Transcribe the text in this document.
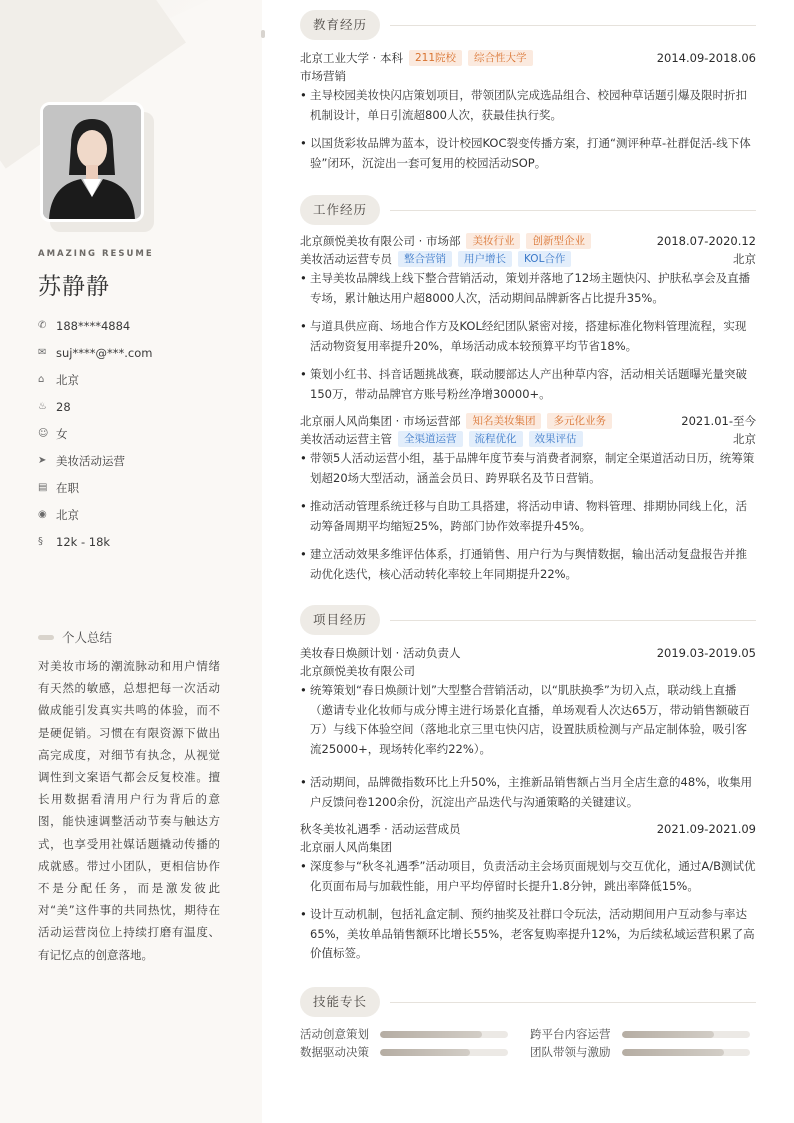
AMAZING RESUME
苏静静
✆ 188****4884
✉ suj****@***.com
⌂	北京
♨ 28
☺ 女
➤ 美妆活动运营
▤ 在职
◉ 北京
§	12k - 18k
个人总结
对美妆市场的潮流脉动和用户情绪有天然的敏感，总想把每一次活动做成能引发真实共鸣的体验，而不是硬促销。习惯在有限资源下做出高完成度，对细节有执念，从视觉调性到文案语气都会反复校准。擅长用数据看清用户行为背后的意图，能快速调整活动节奏与触达方式，也享受用社媒话题撬动传播的成就感。带过小团队，更相信协作不是分配任务，而是激发彼此对“美”这件事的共同热忱，期待在活动运营岗位上持续打磨有温度、有记忆点的创意落地。
教育经历
北京工业大学 · 本科	211院校	综合性大学	2014.09-2018.06
市场营销
• 主导校园美妆快闪店策划项目，带领团队完成选品组合、校园种草话题引爆及限时折扣机制设计，单日引流超800人次，获最佳执行奖。
• 以国货彩妆品牌为蓝本，设计校园KOC裂变传播方案，打通“测评种草-社群促活-线下体验”闭环，沉淀出一套可复用的校园活动SOP。
工作经历
北京颜悦美妆有限公司 · 市场部	美妆行业	创新型企业	2018.07-2020.12
美妆活动运营专员	整合营销	用户增长	KOL合作	北京
• 主导美妆品牌线上线下整合营销活动，策划并落地了12场主题快闪、护肤私享会及直播专场，累计触达用户超8000人次，活动期间品牌新客占比提升35%。
• 与道具供应商、场地合作方及KOL经纪团队紧密对接，搭建标准化物料管理流程，实现活动物资复用率提升20%，单场活动成本较预算平均节省18%。
• 策划小红书、抖音话题挑战赛，联动腰部达人产出种草内容，活动相关话题曝光量突破150万，带动品牌官方账号粉丝净增30000+。
北京丽人风尚集团 · 市场运营部	知名美妆集团	多元化业务	2021.01-至今
美妆活动运营主管	全渠道运营	流程优化	效果评估	北京
• 带领5人活动运营小组，基于品牌年度节奏与消费者洞察，制定全渠道活动日历，统筹策划超20场大型活动，涵盖会员日、跨界联名及节日营销。
• 推动活动管理系统迁移与自助工具搭建，将活动申请、物料管理、排期协同线上化，活动筹备周期平均缩短25%，跨部门协作效率提升45%。
• 建立活动效果多维评估体系，打通销售、用户行为与舆情数据，输出活动复盘报告并推动优化迭代，核心活动转化率较上年同期提升22%。
项目经历
美妆春日焕颜计划 · 活动负责人	2019.03-2019.05
北京颜悦美妆有限公司
• 统筹策划“春日焕颜计划”大型整合营销活动，以“肌肤换季”为切入点，联动线上直播（邀请专业化妆师与成分博主进行场景化直播，单场观看人次达65万，带动销售额破百万）与线下体验空间（落地北京三里屯快闪店，设置肤质检测与产品定制体验，吸引客流25000+，现场转化率约22%）。
• 活动期间，品牌微指数环比上升50%，主推新品销售额占当月全店生意的48%，收集用户反馈问卷1200余份，沉淀出产品迭代与沟通策略的关键建议。
秋冬美妆礼遇季 · 活动运营成员	2021.09-2021.09
北京丽人风尚集团
• 深度参与“秋冬礼遇季”活动项目，负责活动主会场页面规划与交互优化，通过A/B测试优化页面布局与加载性能，用户平均停留时长提升1.8分钟，跳出率降低15%。
• 设计互动机制，包括礼盒定制、预约抽奖及社群口令玩法，活动期间用户互动参与率达65%，美妆单品销售额环比增长55%，老客复购率提升12%，为后续私域运营积累了高价值标签。
技能专长
活动创意策划	跨平台内容运营
数据驱动决策	团队带领与激励
